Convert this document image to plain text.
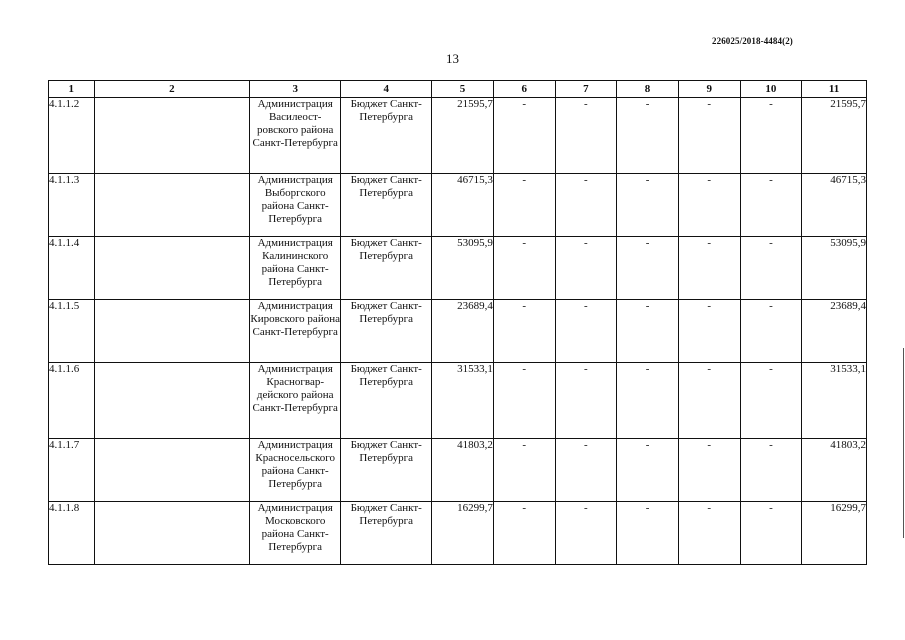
226025/2018-4484(2)
13
1	2	3	4	5	6	7	8	9	10	11
4.1.1.2		Администрация Василеост-ровского района Санкт-Петербурга	Бюджет Санкт-Петербурга	21595,7	-	-	-	-	-	21595,7
4.1.1.3		Администрация Выборгского района Санкт-Петербурга	Бюджет Санкт-Петербурга	46715,3	-	-	-	-	-	46715,3
4.1.1.4		Администрация Калининского района Санкт-Петербурга	Бюджет Санкт-Петербурга	53095,9	-	-	-	-	-	53095,9
4.1.1.5		Администрация Кировского района Санкт-Петербурга	Бюджет Санкт-Петербурга	23689,4	-	-	-	-	-	23689,4
4.1.1.6		Администрация Красногвар-дейского района Санкт-Петербурга	Бюджет Санкт-Петербурга	31533,1	-	-	-	-	-	31533,1
4.1.1.7		Администрация Красносельского района Санкт-Петербурга	Бюджет Санкт-Петербурга	41803,2	-	-	-	-	-	41803,2
4.1.1.8		Администрация Московского района Санкт-Петербурга	Бюджет Санкт-Петербурга	16299,7	-	-	-	-	-	16299,7
